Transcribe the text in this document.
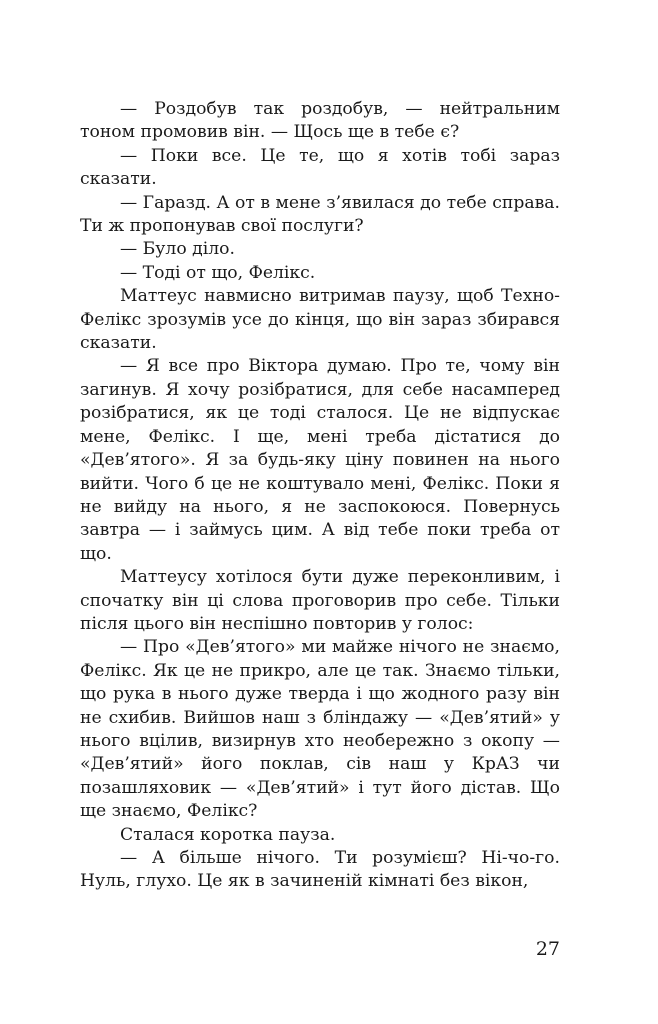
— Роздобув так роздобув, — нейтральним тоном промовив він. — Щось ще в тебе є?

— Поки все. Це те, що я хотів тобі зараз сказати.

— Гаразд. А от в мене з’явилася до тебе справа. Ти ж пропонував свої послуги?

— Було діло.

— Тоді от що, Фелікс.

Маттеус навмисно витримав паузу, щоб Техно-Фелікс зрозумів усе до кінця, що він зараз збирався сказати.

— Я все про Віктора думаю. Про те, чому він загинув. Я хочу розібратися, для себе насамперед розібратися, як це тоді сталося. Це не відпускає мене, Фелікс. І ще, мені треба дістатися до «Дев’ятого». Я за будь-яку ціну повинен на нього вийти. Чого б це не коштувало мені, Фелікс. Поки я не вийду на нього, я не заспокоюся. Повернусь завтра — і займусь цим. А від тебе поки треба от що.

Маттеусу хотілося бути дуже переконливим, і спочатку він ці слова проговорив про себе. Тільки після цього він неспішно повторив у голос:

— Про «Дев’ятого» ми майже нічого не знаємо, Фелікс. Як це не прикро, але це так. Знаємо тільки, що рука в нього дуже тверда і що жодного разу він не схибив. Вийшов наш з бліндажу — «Дев’ятий» у нього вцілив, визирнув хто необережно з окопу — «Дев’ятий» його поклав, сів наш у КрАЗ чи позашляховик — «Дев’ятий» і тут його дістав. Що ще знаємо, Фелікс?

Сталася коротка пауза.

— А більше нічого. Ти розумієш? Ні-чо-го. Нуль, глухо. Це як в зачиненій кімнаті без вікон,

27
